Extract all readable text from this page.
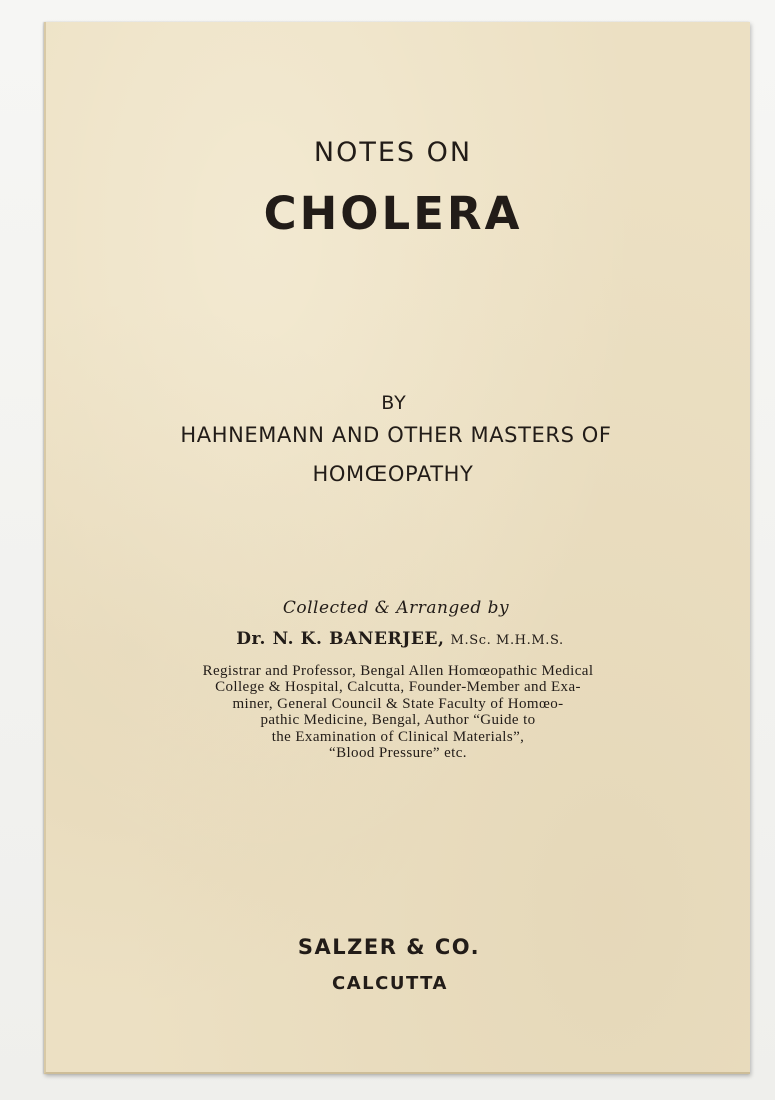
NOTES ON
CHOLERA
BY
HAHNEMANN AND OTHER MASTERS OF
HOMŒOPATHY
Collected & Arranged by
Dr. N. K. BANERJEE, M.Sc. M.H.M.S.
Registrar and Professor, Bengal Allen Homœopathic Medical
College & Hospital, Calcutta, Founder-Member and Exa-
miner, General Council & State Faculty of Homœo-
pathic Medicine, Bengal, Author “Guide to
the Examination of Clinical Materials”,
“Blood Pressure” etc.
SALZER & CO.
CALCUTTA
